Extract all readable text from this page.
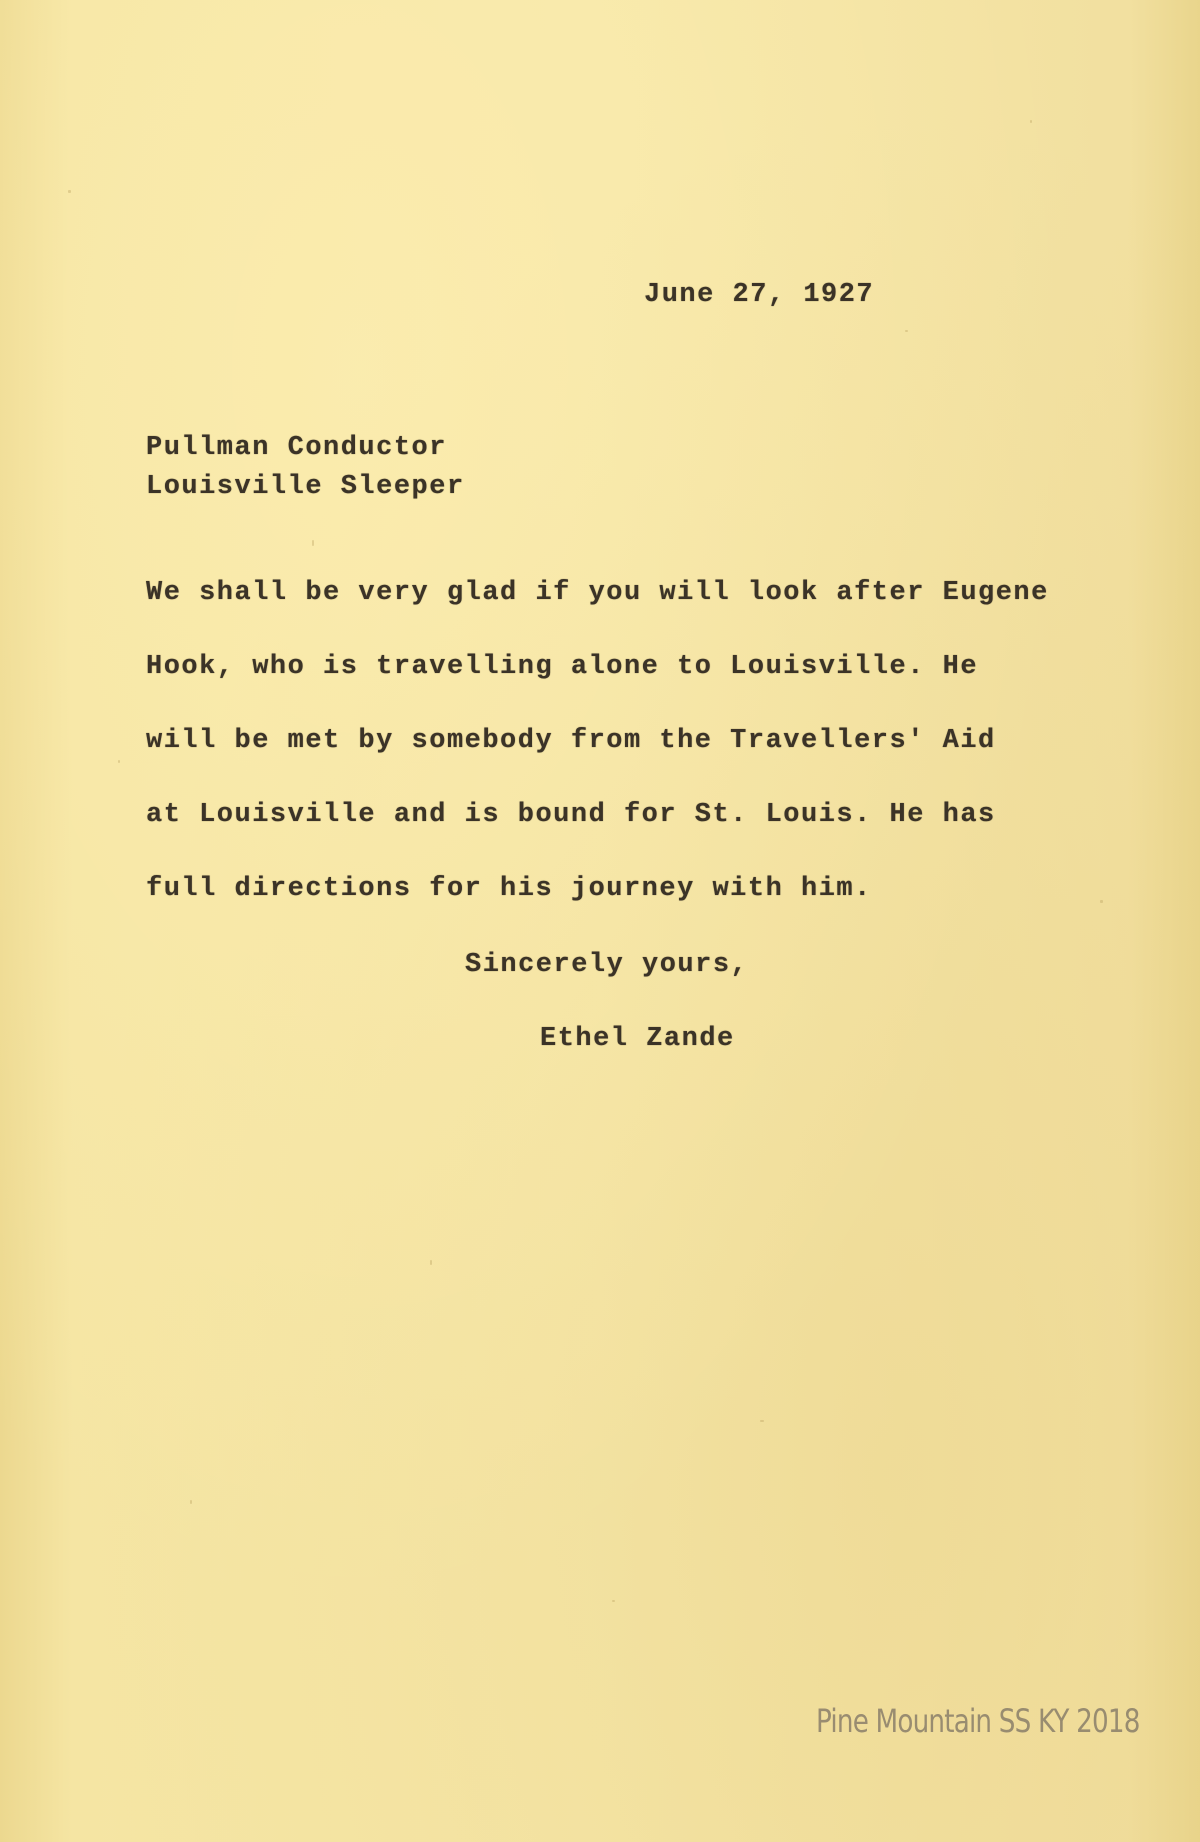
June 27, 1927
Pullman Conductor
Louisville Sleeper
We shall be very glad if you will look after Eugene
Hook, who is travelling alone to Louisville. He
will be met by somebody from the Travellers' Aid
at Louisville and is bound for St. Louis. He has
full directions for his journey with him.
Sincerely yours,
Ethel Zande
Pine Mountain SS KY 2018
